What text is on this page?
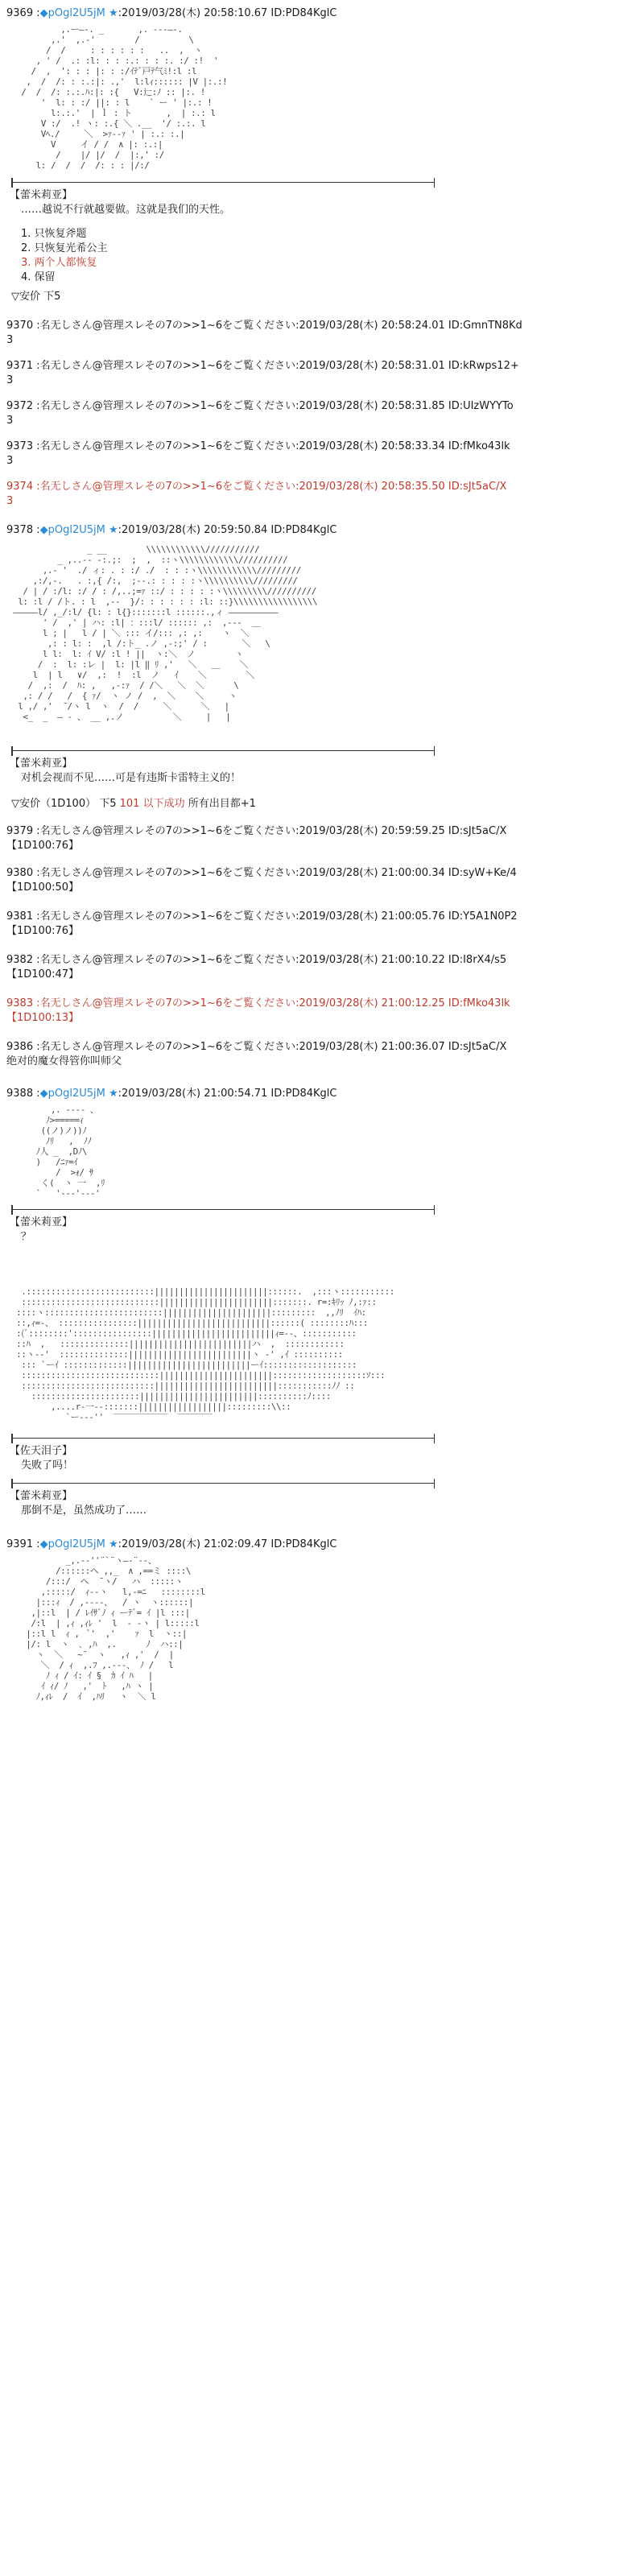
9369 :◆pOgl2U5jM ★:2019/03/28(木) 20:58:10.67 ID:PD84KglC
,.ー―-. _       ,. -‐‐―-.
,.'  ,.-'        /          \
/  /     : : : : : :   ..  ,  ヽ
, ' /  .: :l: : : :.: : : :. :/ :!  '
/  ,  ': : : |: : :/ｲﾃﾞ戸ﾃ气ﾐ!:l :l
,  /  /: : :.:|: .,'  l:lｨ:::::: |V |:.:!
/  /  /: :.:.ﾊ:|: :{   V:辷:ﾉ :: |:. !
'  l: : :/ ||: : l    ` ー ' |:.: !
l:.:.'  | ｌ : ト       ,  | :.: l
V :/  .! ヽ: :.{ ＼ .__  '/ :.:. l
Vﾍ./     ＼  >ｧ-‐ｧ ' | :.: :.|
V     イ / /  ∧ |: :.:|
/    |/ |/  /  |:,' :/
l: /  /  /  /: : : |/:/
【蕾米莉亚】
……越说不行就越要做。这就是我们的天性。
1. 只恢复斧题
2. 只恢复光希公主
3. 两个人都恢复
4. 保留
▽安价 下5
9370 :名无しさん@管理スレその7の>>1~6をご覧ください:2019/03/28(木) 20:58:24.01 ID:GmnTN8Kd
3
9371 :名无しさん@管理スレその7の>>1~6をご覧ください:2019/03/28(木) 20:58:31.01 ID:kRwps12+
3
9372 :名无しさん@管理スレその7の>>1~6をご覧ください:2019/03/28(木) 20:58:31.85 ID:UIzWYYTo
3
9373 :名无しさん@管理スレその7の>>1~6をご覧ください:2019/03/28(木) 20:58:33.34 ID:fMko43lk
3
9374 :名无しさん@管理スレその7の>>1~6をご覧ください:2019/03/28(木) 20:58:35.50 ID:sJt5aC/X
3
9378 :◆pOgl2U5jM ★:2019/03/28(木) 20:59:50.84 ID:PD84KglC
_ __        \\\\\\\\\\\\///////////
_ ,..-‐ -:.;:  ;  ,  ::ヽ\\\\\\\\\\\\//////////
,.- '  ./ ィ: . : :/ ./  : : :ヽ\\\\\\\\\\\\/////////
,:/,-.   . :,{ /:,  ;--.: : : : :ヽ\\\\\\\\\\/////////
/ | / :/l: :/ / : /,..;=ｧ ::/ : : : : :ヽ\\\\\\\\\//////////
l: :l / /ト. : l  ,-‐  }/: : : : : : :l: ::}\\\\\\\\\\\\\\\\\
―――――l/ ,_/:l/ {l: : l{}:::::::l ::::::.,ィ ――――――――――
' /  ,' | ハ: :l| ：:::l/ :::::: ,:  ,---  ＿
l ; |   l / | ＼ ::: イ/::: ,: ,:    ヽ  ＼
,: : l: :  ,l /:ト_ .ノ ,-:;' / :       ＼   \
l l:  l: ｲ V/ :l ! ||  ヽ:＼  ノ        ヽ
/  :  l: :レ |  l: |l ‖ ﾘ ,'   ＼   ＿    ＼
l  | l   ∨/  ,:  !  :l  ノ   ｲ    ＼        ＼
/  ,:  /  ﾊ: ,   ,-:ｧ  / /＼   ＼  ＼      \
,: / /   /  { ｧ/  ヽ ノ /  ,  ＼    ＼     ヽ
l ,/ ,'  ̄ /ヽ l  ヽ  /  /     ＼      ＼   |
<_  _  ― - 、 __ ,.ノ          ＼     |   |
【蕾米莉亚】
对机会视而不见……可是有违斯卡雷特主义的！
▽安价（1D100） 下5 101 以下成功 所有出目都+1
9379 :名无しさん@管理スレその7の>>1~6をご覧ください:2019/03/28(木) 20:59:59.25 ID:sJt5aC/X
【1D100:76】
9380 :名无しさん@管理スレその7の>>1~6をご覧ください:2019/03/28(木) 21:00:00.34 ID:syW+Ke/4
【1D100:50】
9381 :名无しさん@管理スレその7の>>1~6をご覧ください:2019/03/28(木) 21:00:05.76 ID:Y5A1N0P2
【1D100:76】
9382 :名无しさん@管理スレその7の>>1~6をご覧ください:2019/03/28(木) 21:00:10.22 ID:I8rX4/s5
【1D100:47】
9383 :名无しさん@管理スレその7の>>1~6をご覧ください:2019/03/28(木) 21:00:12.25 ID:fMko43lk
【1D100:13】
9386 :名无しさん@管理スレその7の>>1~6をご覧ください:2019/03/28(木) 21:00:36.07 ID:sJt5aC/X
绝对的魔女得管你叫师父
9388 :◆pOgl2U5jM ★:2019/03/28(木) 21:00:54.71 ID:PD84KglC
,. ---- 、
ﾉ>=====ｨ
((ノ)ノ))ﾉ
ﾉﾘ   ,  ﾉﾉ
ﾉ人 _  ,Dﾉ\
)   /ﾆｧ=ｲ
/  >ｫ/ ｻ
く(  ヽ 一  ,ﾘ
`   '---'---'
【蕾米莉亚】
？
.::::::::::::::::::::::::::|||||||||||||||||||||||::::::.  ,:::ヽ:::::::::::
::::::::::::::::::::::::::::|||||||||||||||||||||||:::::::. r=:ｷﾘｯ ﾉ,:ｧ::
::::ヽ::::::::::::::::::::::::||||||||||||||||||||||:::::::::  ,,ﾉﾘ  ｲﾊ:
::,ｨ=‐、 ::::::::::::::::|||||||||||||||||||||||||||::::::( ::::::::ﾊ:::
:(ﾞ::::::::'::::::::::::::::|||||||||||||||||||||||||ｨ=‐-、:::::::::::
::ﾊ  ,   ::::::::::::::|||||||||||||||||||||||||ハ  ,  ::::::::::::
::ヽ‐-'  ::::::::::::::|||||||||||||||||||||||||ヽ -' ,ｲ ::::::::::
::: `ーｲ :::::::::::::|||||||||||||||||||||||||ーｲ:::::::::::::::::::
::::::::::::::::::::::::::::|||||||||||||||||||||||:::::::::::::::::::ｿ:::
:::::::::::::::::::::::::::|||||||||||||||||||||||||:::::::::::ﾉﾉ ::
::::::::::::::::::::::||||||||||||||||||||||||::::::::::ﾉ::::
,....r‐一-‐:::::::||||||||||||||||||:::::::::\\::
`ー--‐''  ‾‾‾‾‾‾‾‾‾‾‾  ‾‾‾‾‾‾‾
【佐天泪子】
失败了吗！
【蕾米莉亚】
那倒不是，虽然成功了……
9391 :◆pOgl2U5jM ★:2019/03/28(木) 21:02:09.47 ID:PD84KglC
_,.-‐''¨`¨ヽ―‐¨‐-、
/::::::ヘ ,,_  ∧ ,==ミ ::::\
/:::/  ヘ  ̄ ヽ/   ハ  :::::ヽ
,:::::/  ｨ‐‐ヽ   l,-=ﾆ   ::::::::l
|:::ｨ  / ,-‐‐-、  / ヽ  ヽ::::::|
,|::l  | / ﾚｲｻﾞﾉ ｨ ーﾃﾞ= ｲ |l :::|
/:l  | ,ｨ ,ｨﾚ '  l  - ‐ヽ | l:::::l
|::l l  ｨ ,  ﾞ'  ,'    ｧ  l  ヽ::|
|/: l  ヽ  ､ ,ﾊ  ,.      ﾉ  ハ::|
ヽ  ＼   ~¨  ヽ   ,ｨ ,'  /  |
＼  / ｨ  ,.ﾌ ,.---、 ﾉ /   l
ﾉ ｨ / ｲ: ｲ §  ｶ ｲ ﾊ   |
ｲ ｨ/ ﾉ   ,'  ﾄ   ,ﾊ ヽ |
ﾉ,ｨﾚ  /  ｲ  ,ﾊﾘ   ヽ  ＼ l
